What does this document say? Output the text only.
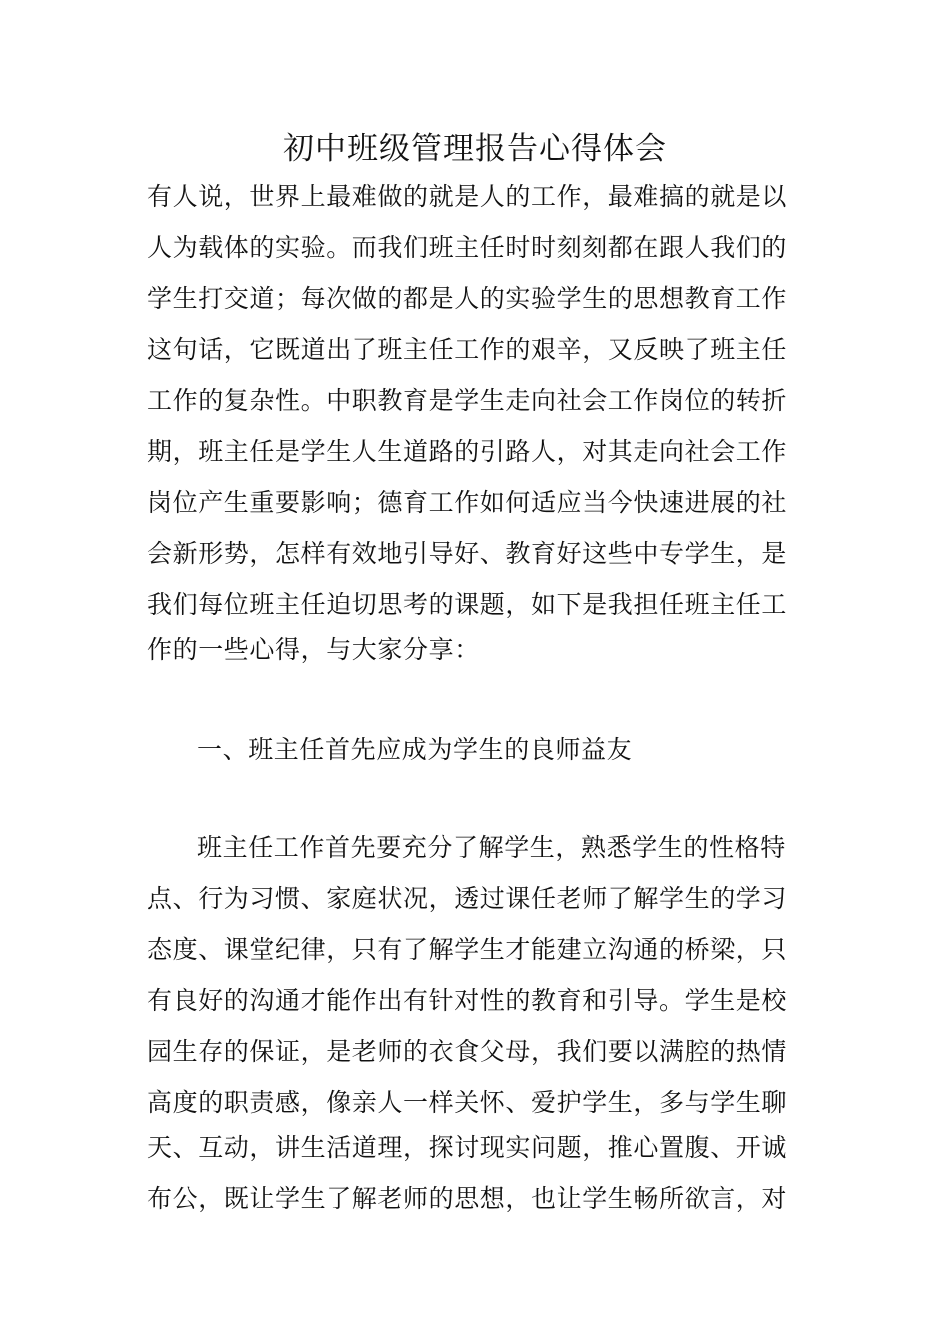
初中班级管理报告心得体会
有人说，世界上最难做的就是人的工作，最难搞的就是以
人为载体的实验。而我们班主任时时刻刻都在跟人我们的
学生打交道；每次做的都是人的实验学生的思想教育工作
这句话，它既道出了班主任工作的艰辛，又反映了班主任
工作的复杂性。中职教育是学生走向社会工作岗位的转折
期，班主任是学生人生道路的引路人，对其走向社会工作
岗位产生重要影响；德育工作如何适应当今快速进展的社
会新形势，怎样有效地引导好、教育好这些中专学生，是
我们每位班主任迫切思考的课题，如下是我担任班主任工
作的一些心得，与大家分享：
一、班主任首先应成为学生的良师益友
班主任工作首先要充分了解学生，熟悉学生的性格特
点、行为习惯、家庭状况，透过课任老师了解学生的学习
态度、课堂纪律，只有了解学生才能建立沟通的桥梁，只
有良好的沟通才能作出有针对性的教育和引导。学生是校
园生存的保证，是老师的衣食父母，我们要以满腔的热情
高度的职责感，像亲人一样关怀、爱护学生，多与学生聊
天、互动，讲生活道理，探讨现实问题，推心置腹、开诚
布公，既让学生了解老师的思想，也让学生畅所欲言，对
